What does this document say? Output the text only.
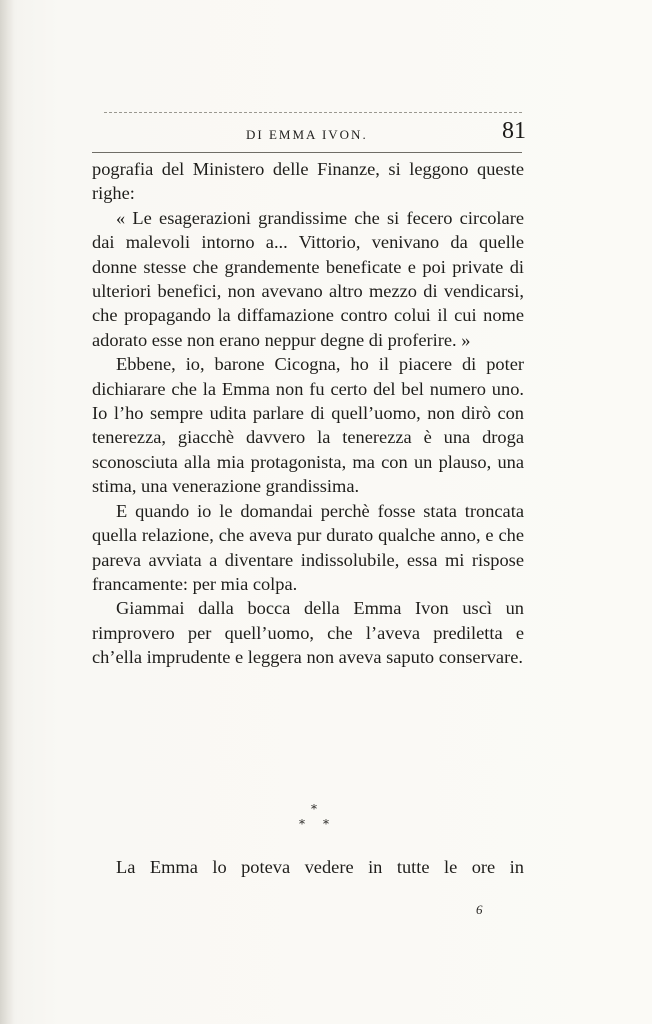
DI EMMA IVON.	81

pografia del Ministero delle Finanze, si leggono queste righe:

« Le esagerazioni grandissime che si fecero circolare dai malevoli intorno a... Vittorio, venivano da quelle donne stesse che grandemente beneficate e poi private di ulteriori benefici, non avevano altro mezzo di vendicarsi, che propagando la diffamazione contro colui il cui nome adorato esse non erano neppur degne di proferire. »

Ebbene, io, barone Cicogna, ho il piacere di poter dichiarare che la Emma non fu certo del bel numero uno. Io l’ho sempre udita parlare di quell’uomo, non dirò con tenerezza, giacchè davvero la tenerezza è una droga sconosciuta alla mia protagonista, ma con un plauso, una stima, una venerazione grandissima.

E quando io le domandai perchè fosse stata troncata quella relazione, che aveva pur durato qualche anno, e che pareva avviata a diventare indissolubile, essa mi rispose francamente: per mia colpa.

Giammai dalla bocca della Emma Ivon uscì un rimprovero per quell’uomo, che l’aveva prediletta e ch’ella imprudente e leggera non aveva saputo conservare.

*
* *
La Emma lo poteva vedere in tutte le ore in
6
